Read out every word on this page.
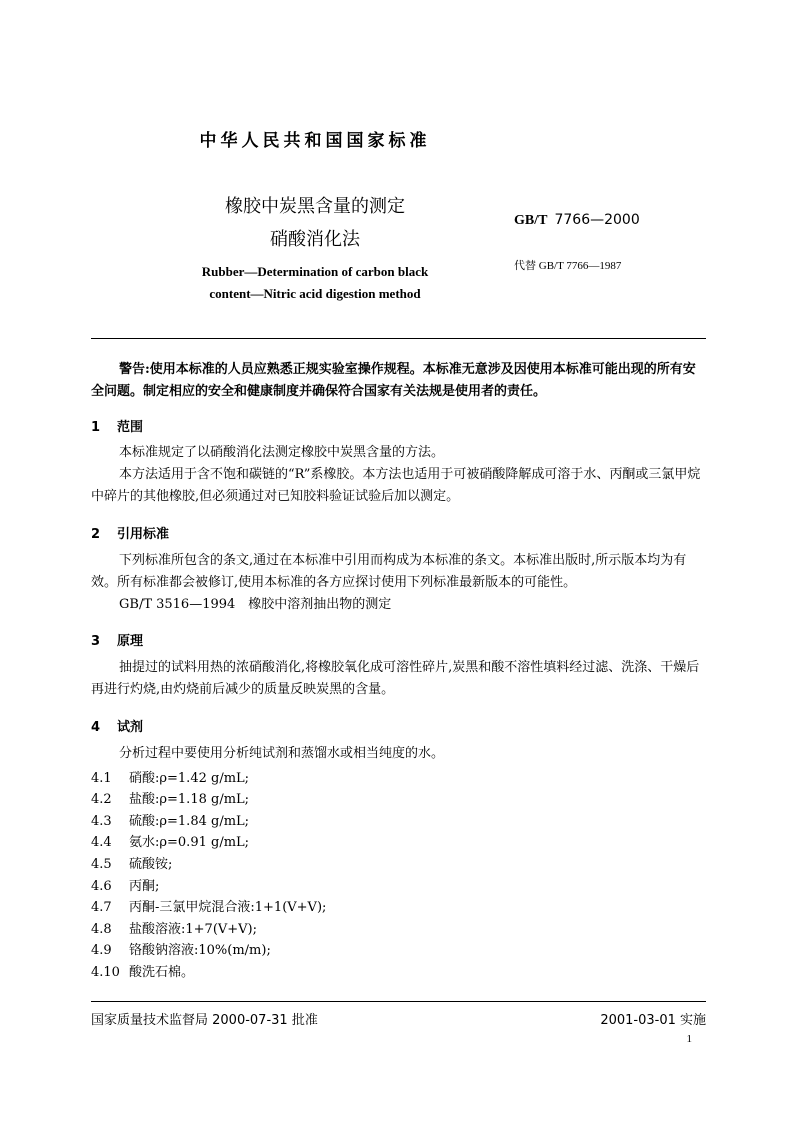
中华人民共和国国家标准
橡胶中炭黑含量的测定
硝酸消化法
Rubber—Determination of carbon black
content—Nitric acid digestion method
GB/T 7766—2000
代替 GB/T 7766—1987
警告:使用本标准的人员应熟悉正规实验室操作规程。本标准无意涉及因使用本标准可能出现的所有安全问题。制定相应的安全和健康制度并确保符合国家有关法规是使用者的责任。
1 范围
本标准规定了以硝酸消化法测定橡胶中炭黑含量的方法。
本方法适用于含不饱和碳链的“R”系橡胶。本方法也适用于可被硝酸降解成可溶于水、丙酮或三氯甲烷中碎片的其他橡胶,但必须通过对已知胶料验证试验后加以测定。
2 引用标准
下列标准所包含的条文,通过在本标准中引用而构成为本标准的条文。本标准出版时,所示版本均为有效。所有标准都会被修订,使用本标准的各方应探讨使用下列标准最新版本的可能性。
GB/T 3516—1994　橡胶中溶剂抽出物的测定
3 原理
抽提过的试料用热的浓硝酸消化,将橡胶氧化成可溶性碎片,炭黑和酸不溶性填料经过滤、洗涤、干燥后再进行灼烧,由灼烧前后减少的质量反映炭黑的含量。
4 试剂
分析过程中要使用分析纯试剂和蒸馏水或相当纯度的水。
4.1 硝酸:ρ=1.42 g/mL;
4.2 盐酸:ρ=1.18 g/mL;
4.3 硫酸:ρ=1.84 g/mL;
4.4 氨水:ρ=0.91 g/mL;
4.5 硫酸铵;
4.6 丙酮;
4.7 丙酮-三氯甲烷混合液:1+1(V+V);
4.8 盐酸溶液:1+7(V+V);
4.9 铬酸钠溶液:10%(m/m);
4.10 酸洗石棉。
国家质量技术监督局 2000-07-31 批准	2001-03-01 实施
1
